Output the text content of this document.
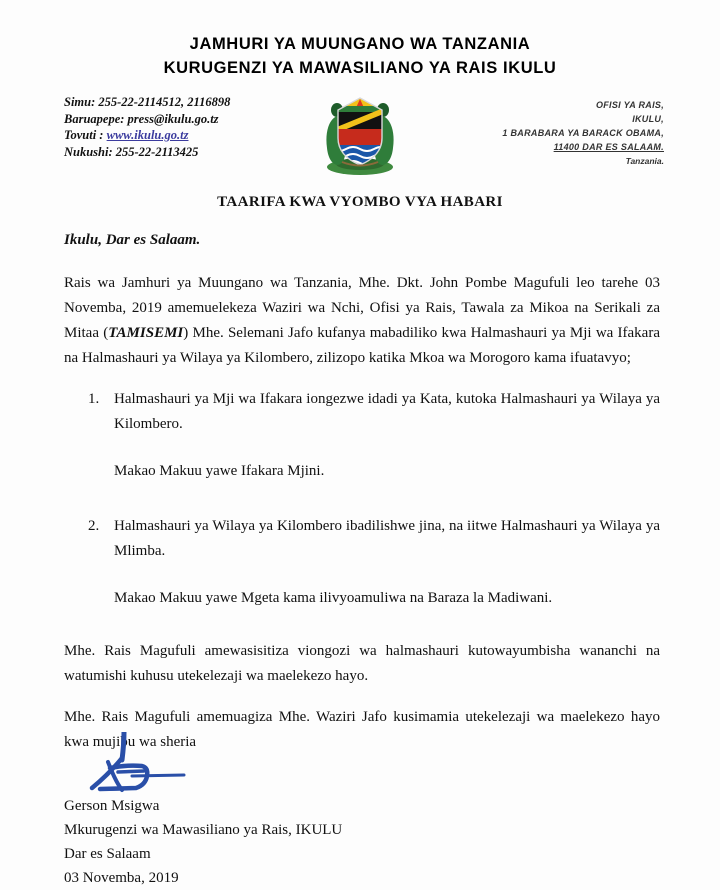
JAMHURI YA MUUNGANO WA TANZANIA
KURUGENZI YA MAWASILIANO YA RAIS IKULU
Simu: 255-22-2114512, 2116898
Baruapepe: press@ikulu.go.tz
Tovuti : www.ikulu.go.tz
Nukushi: 255-22-2113425
OFISI YA RAIS,
IKULU,
1 BARABARA YA BARACK OBAMA,
11400 DAR ES SALAAM.
Tanzania.
TAARIFA KWA VYOMBO VYA HABARI
Ikulu, Dar es Salaam.

Rais wa Jamhuri ya Muungano wa Tanzania, Mhe. Dkt. John Pombe Magufuli leo tarehe 03 Novemba, 2019 amemuelekeza Waziri wa Nchi, Ofisi ya Rais, Tawala za Mikoa na Serikali za Mitaa (TAMISEMI) Mhe. Selemani Jafo kufanya mabadiliko kwa Halmashauri ya Mji wa Ifakara na Halmashauri ya Wilaya ya Kilombero, zilizopo katika Mkoa wa Morogoro kama ifuatavyo;

Halmashauri ya Mji wa Ifakara iongezwe idadi ya Kata, kutoka Halmashauri ya Wilaya ya Kilombero.
Makao Makuu yawe Ifakara Mjini.
Halmashauri ya Wilaya ya Kilombero ibadilishwe jina, na iitwe Halmashauri ya Wilaya ya Mlimba.
Makao Makuu yawe Mgeta kama ilivyoamuliwa na Baraza la Madiwani.

Mhe. Rais Magufuli amewasisitiza viongozi wa halmashauri kutowayumbisha wananchi na watumishi kuhusu utekelezaji wa maelekezo hayo.

Mhe. Rais Magufuli amemuagiza Mhe. Waziri Jafo kusimamia utekelezaji wa maelekezo hayo kwa mujibu wa sheria

Gerson Msigwa
Mkurugenzi wa Mawasiliano ya Rais, IKULU
Dar es Salaam
03 Novemba, 2019
